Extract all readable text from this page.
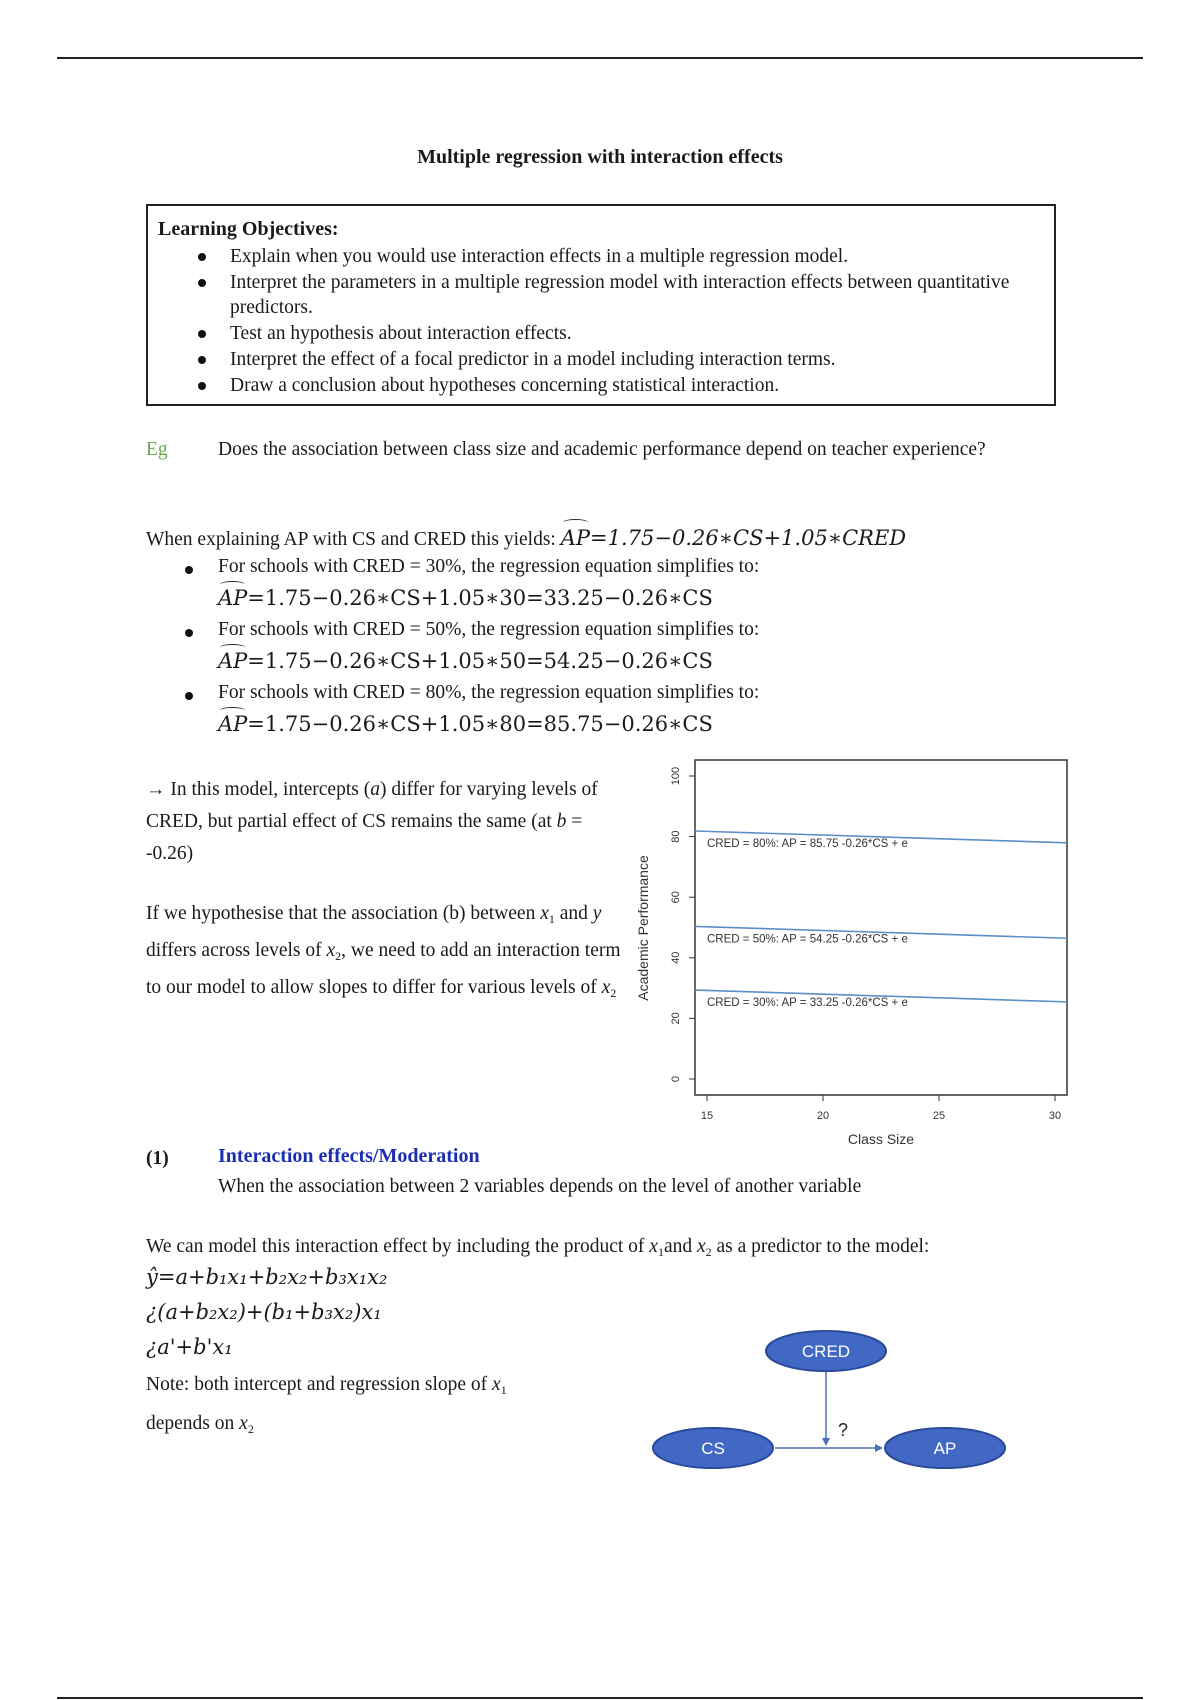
Multiple regression with interaction effects
Learning Objectives:
Explain when you would use interaction effects in a multiple regression model.
Interpret the parameters in a multiple regression model with interaction effects between quantitative predictors.
Test an hypothesis about interaction effects.
Interpret the effect of a focal predictor in a model including interaction terms.
Draw a conclusion about hypotheses concerning statistical interaction.
Eg	Does the association between class size and academic performance depend on teacher experience?
When explaining AP with CS and CRED this yields: AP=1.75−0.26∗CS+1.05∗CRED
For schools with CRED = 30%, the regression equation simplifies to:
AP=1.75−0.26∗CS+1.05∗30=33.25−0.26∗CS
For schools with CRED = 50%, the regression equation simplifies to:
AP=1.75−0.26∗CS+1.05∗50=54.25−0.26∗CS
For schools with CRED = 80%, the regression equation simplifies to:
AP=1.75−0.26∗CS+1.05∗80=85.75−0.26∗CS
→ In this model, intercepts (a) differ for varying levels of CRED, but partial effect of CS remains the same (at b = -0.26)
If we hypothesise that the association (b) between $x_1$ and y differs across levels of $x_2$, we need to add an interaction term to our model to allow slopes to differ for various levels of $x_2$
15	20	25	30
0
20
40
60
80
100
CRED = 80%: AP = 85.75 -0.26*CS + e
CRED = 50%: AP = 54.25 -0.26*CS + e
CRED = 30%: AP = 33.25 -0.26*CS + e
Class Size
Academic Performance
(1) Interaction effects/Moderation
When the association between 2 variables depends on the level of another variable
We can model this interaction effect by including the product of $x_1and$ $x_2$ as a predictor to the model:
ŷ=a+b₁x₁+b₂x₂+b₃x₁x₂
¿(a+b₂x₂)+(b₁+b₃x₂)x₁
¿a'+b'x₁
Note: both intercept and regression slope of $x_1$
depends on $x_2$
CRED
CS	AP
?
